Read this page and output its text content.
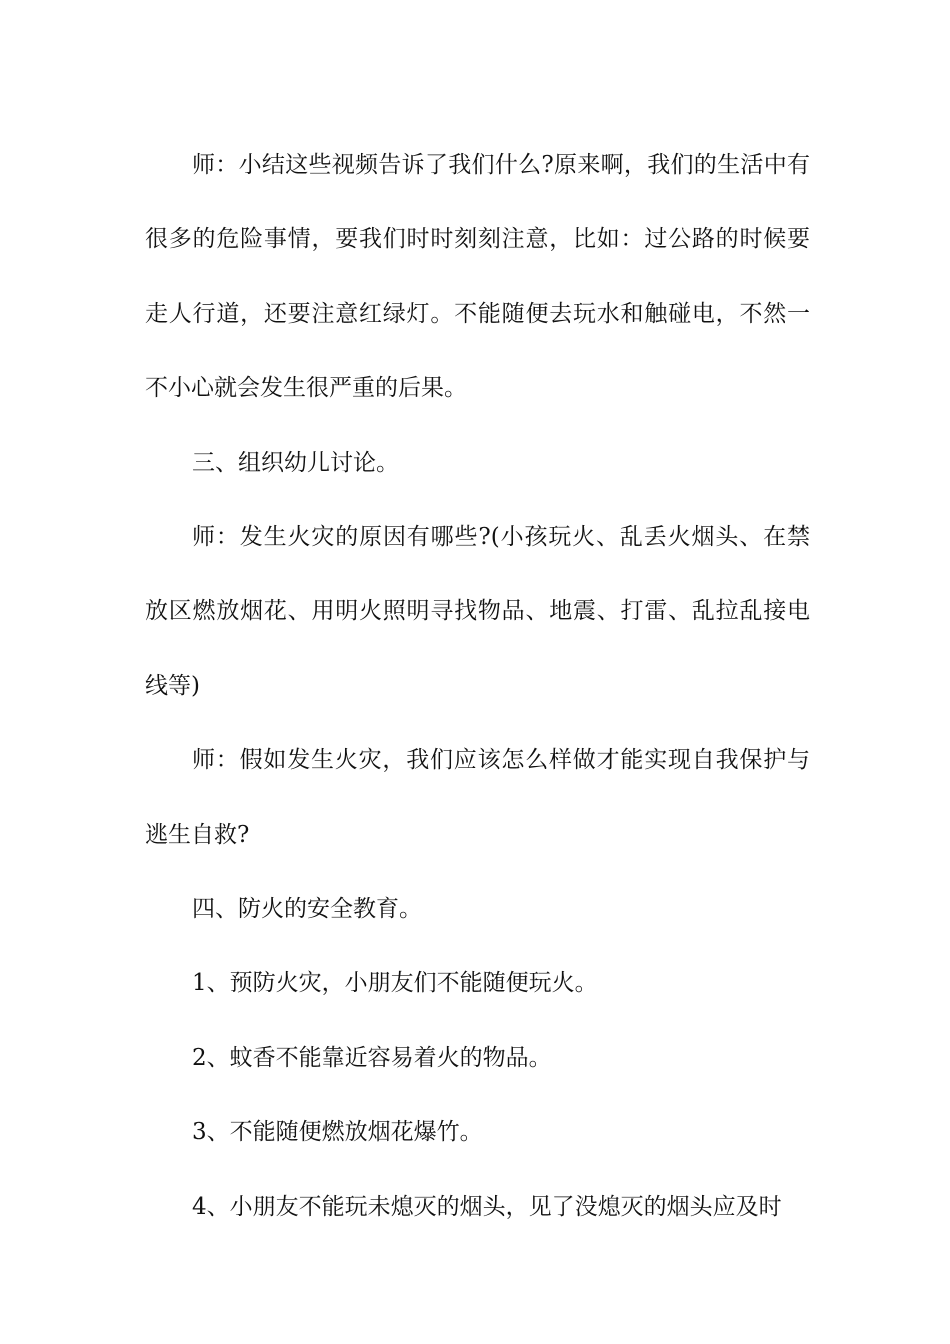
师：小结这些视频告诉了我们什么?原来啊，我们的生活中有很多的危险事情，要我们时时刻刻注意，比如：过公路的时候要走人行道，还要注意红绿灯。不能随便去玩水和触碰电，不然一不小心就会发生很严重的后果。

三、组织幼儿讨论。

师：发生火灾的原因有哪些?(小孩玩火、乱丢火烟头、在禁放区燃放烟花、用明火照明寻找物品、地震、打雷、乱拉乱接电线等)

师：假如发生火灾，我们应该怎么样做才能实现自我保护与逃生自救?

四、防火的安全教育。

1、预防火灾，小朋友们不能随便玩火。

2、蚊香不能靠近容易着火的物品。

3、不能随便燃放烟花爆竹。

4、小朋友不能玩未熄灭的烟头，见了没熄灭的烟头应及时
